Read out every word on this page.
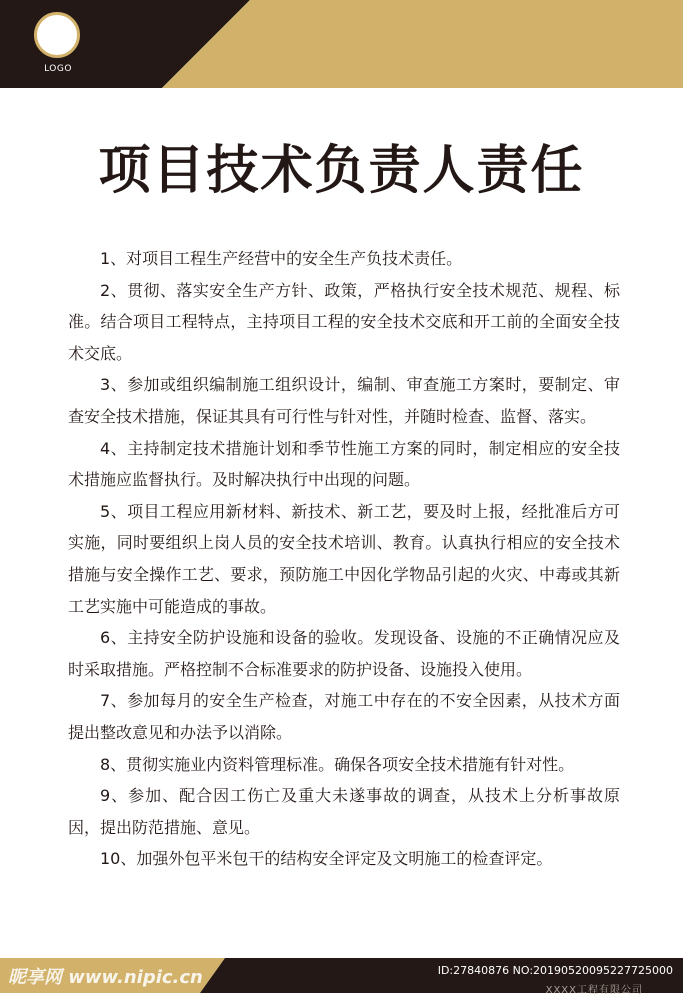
LOGO
项目技术负责人责任

1、对项目工程生产经营中的安全生产负技术责任。

2、贯彻、落实安全生产方针、政策，严格执行安全技术规范、规程、标准。结合项目工程特点，主持项目工程的安全技术交底和开工前的全面安全技术交底。

3、参加或组织编制施工组织设计，编制、审查施工方案时，要制定、审查安全技术措施，保证其具有可行性与针对性，并随时检查、监督、落实。

4、主持制定技术措施计划和季节性施工方案的同时，制定相应的安全技术措施应监督执行。及时解决执行中出现的问题。

5、项目工程应用新材料、新技术、新工艺，要及时上报，经批准后方可实施，同时要组织上岗人员的安全技术培训、教育。认真执行相应的安全技术措施与安全操作工艺、要求，预防施工中因化学物品引起的火灾、中毒或其新工艺实施中可能造成的事故。

6、主持安全防护设施和设备的验收。发现设备、设施的不正确情况应及时采取措施。严格控制不合标准要求的防护设备、设施投入使用。

7、参加每月的安全生产检查，对施工中存在的不安全因素，从技术方面提出整改意见和办法予以消除。

8、贯彻实施业内资料管理标准。确保各项安全技术措施有针对性。

9、参加、配合因工伤亡及重大未遂事故的调查，从技术上分析事故原因，提出防范措施、意见。

10、加强外包平米包干的结构安全评定及文明施工的检查评定。

昵享网 www.nipic.cn	ID:27840876 NO:20190520095227725000
XXXX工程有限公司
